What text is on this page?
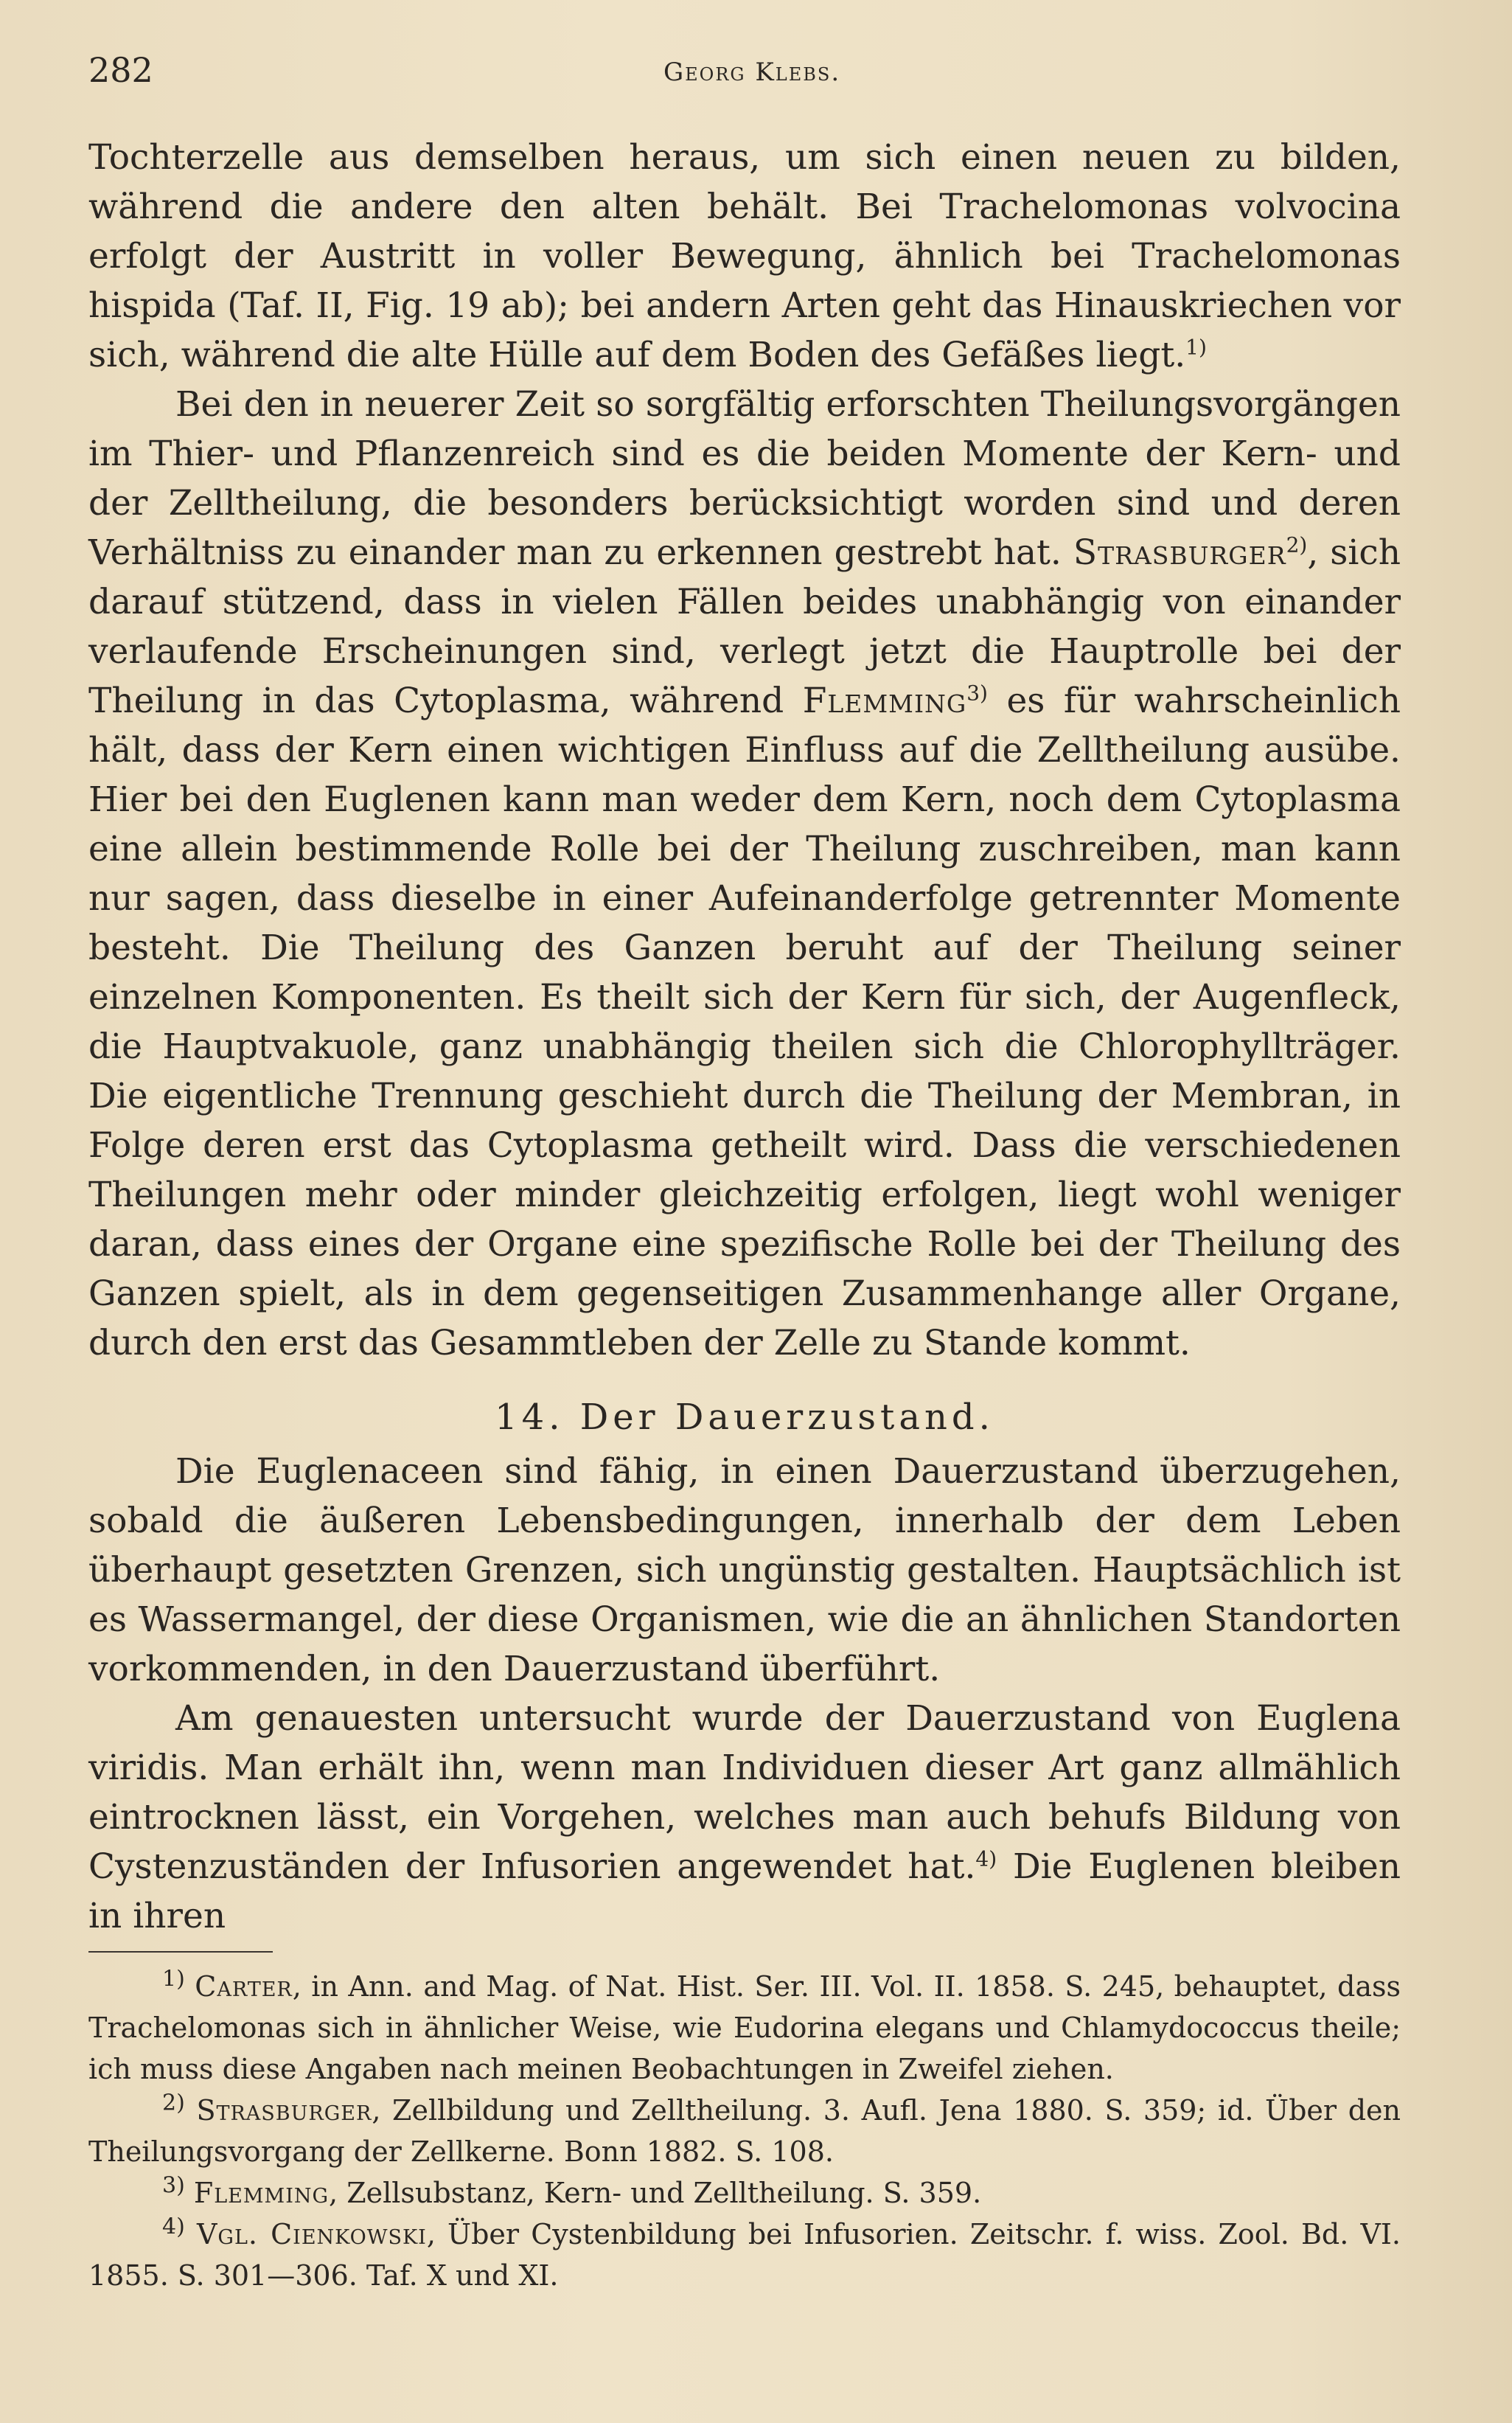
282	Georg Klebs.

Tochterzelle aus demselben heraus, um sich einen neuen zu bilden, während die andere den alten behält. Bei Trachelomonas volvocina erfolgt der Austritt in voller Bewegung, ähnlich bei Trachelomonas hispida (Taf. II, Fig. 19 ab); bei andern Arten geht das Hinauskriechen vor sich, während die alte Hülle auf dem Boden des Gefäßes liegt.$^{1)}$

Bei den in neuerer Zeit so sorgfältig erforschten Theilungsvorgängen im Thier- und Pflanzenreich sind es die beiden Momente der Kern- und der Zelltheilung, die besonders berücksichtigt worden sind und deren Verhältniss zu einander man zu erkennen gestrebt hat. Strasburger$^{2)}$, sich darauf stützend, dass in vielen Fällen beides unabhängig von einander verlaufende Erscheinungen sind, verlegt jetzt die Hauptrolle bei der Theilung in das Cytoplasma, während Flemming$^{3)}$ es für wahrscheinlich hält, dass der Kern einen wichtigen Einfluss auf die Zelltheilung ausübe. Hier bei den Euglenen kann man weder dem Kern, noch dem Cytoplasma eine allein bestimmende Rolle bei der Theilung zuschreiben, man kann nur sagen, dass dieselbe in einer Aufeinanderfolge getrennter Momente besteht. Die Theilung des Ganzen beruht auf der Theilung seiner einzelnen Komponenten. Es theilt sich der Kern für sich, der Augenfleck, die Hauptvakuole, ganz unabhängig theilen sich die Chlorophyllträger. Die eigentliche Trennung geschieht durch die Theilung der Membran, in Folge deren erst das Cytoplasma getheilt wird. Dass die verschiedenen Theilungen mehr oder minder gleichzeitig erfolgen, liegt wohl weniger daran, dass eines der Organe eine spezifische Rolle bei der Theilung des Ganzen spielt, als in dem gegenseitigen Zusammenhange aller Organe, durch den erst das Gesammtleben der Zelle zu Stande kommt.

14. Der Dauerzustand.

Die Euglenaceen sind fähig, in einen Dauerzustand überzugehen, sobald die äußeren Lebensbedingungen, innerhalb der dem Leben überhaupt gesetzten Grenzen, sich ungünstig gestalten. Hauptsächlich ist es Wassermangel, der diese Organismen, wie die an ähnlichen Standorten vorkommenden, in den Dauerzustand überführt.

Am genauesten untersucht wurde der Dauerzustand von Euglena viridis. Man erhält ihn, wenn man Individuen dieser Art ganz allmählich eintrocknen lässt, ein Vorgehen, welches man auch behufs Bildung von Cystenzuständen der Infusorien angewendet hat.$^{4)}$ Die Euglenen bleiben in ihren

$^{1)}$ Carter, in Ann. and Mag. of Nat. Hist. Ser. III. Vol. II. 1858. S. 245, behauptet, dass Trachelomonas sich in ähnlicher Weise, wie Eudorina elegans und Chlamydococcus theile; ich muss diese Angaben nach meinen Beobachtungen in Zweifel ziehen.

$^{2)}$ Strasburger, Zellbildung und Zelltheilung. 3. Aufl. Jena 1880. S. 359; id. Über den Theilungsvorgang der Zellkerne. Bonn 1882. S. 108.

$^{3)}$ Flemming, Zellsubstanz, Kern- und Zelltheilung. S. 359.

$^{4)}$ Vgl. Cienkowski, Über Cystenbildung bei Infusorien. Zeitschr. f. wiss. Zool. Bd. VI. 1855. S. 301—306. Taf. X und XI.
